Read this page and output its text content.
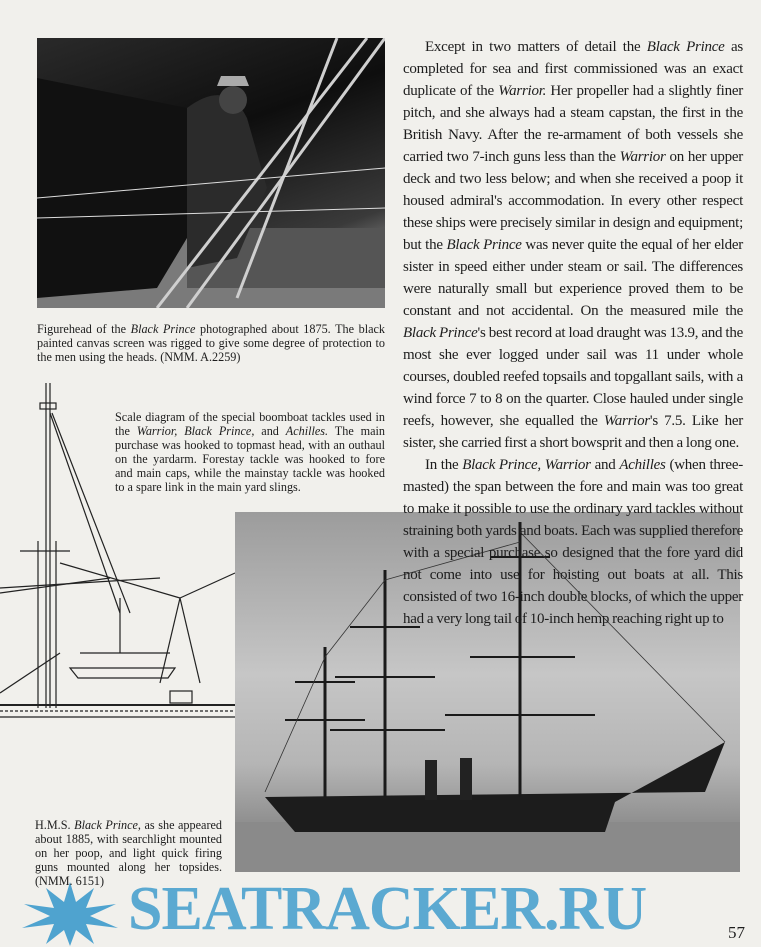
Figurehead of the Black Prince photographed about 1875. The black painted canvas screen was rigged to give some degree of protection to the men using the heads. (NMM. A.2259)
Scale diagram of the special boomboat tackles used in the Warrior, Black Prince, and Achilles. The main purchase was hooked to topmast head, with an outhaul on the yardarm. Forestay tackle was hooked to fore and main caps, while the mainstay tackle was hooked to a spare link in the main yard slings.

Except in two matters of detail the Black Prince as completed for sea and first commissioned was an exact duplicate of the Warrior. Her propeller had a slightly finer pitch, and she always had a steam capstan, the first in the British Navy. After the re-armament of both vessels she carried two 7-inch guns less than the Warrior on her upper deck and two less below; and when she received a poop it housed admiral's accommodation. In every other respect these ships were precisely similar in design and equipment; but the Black Prince was never quite the equal of her elder sister in speed either under steam or sail. The differences were naturally small but experience proved them to be constant and not accidental. On the measured mile the Black Prince's best record at load draught was 13.9, and the most she ever logged under sail was 11 under whole courses, doubled reefed topsails and topgallant sails, with a wind force 7 to 8 on the quarter. Close hauled under single reefs, however, she equalled the Warrior's 7.5. Like her sister, she carried first a short bowsprit and then a long one.

In the Black Prince, Warrior and Achilles (when three-masted) the span between the fore and main was too great to make it possible to use the ordinary yard tackles without straining both yards and boats. Each was supplied therefore with a special purchase so designed that the fore yard did not come into use for hoisting out boats at all. This consisted of two 16-inch double blocks, of which the upper had a very long tail of 10-inch hemp reaching right up to

H.M.S. Black Prince, as she appeared about 1885, with searchlight mounted on her poop, and light quick firing guns mounted along her topsides. (NMM. 6151) SEATRACKER.RU	57
